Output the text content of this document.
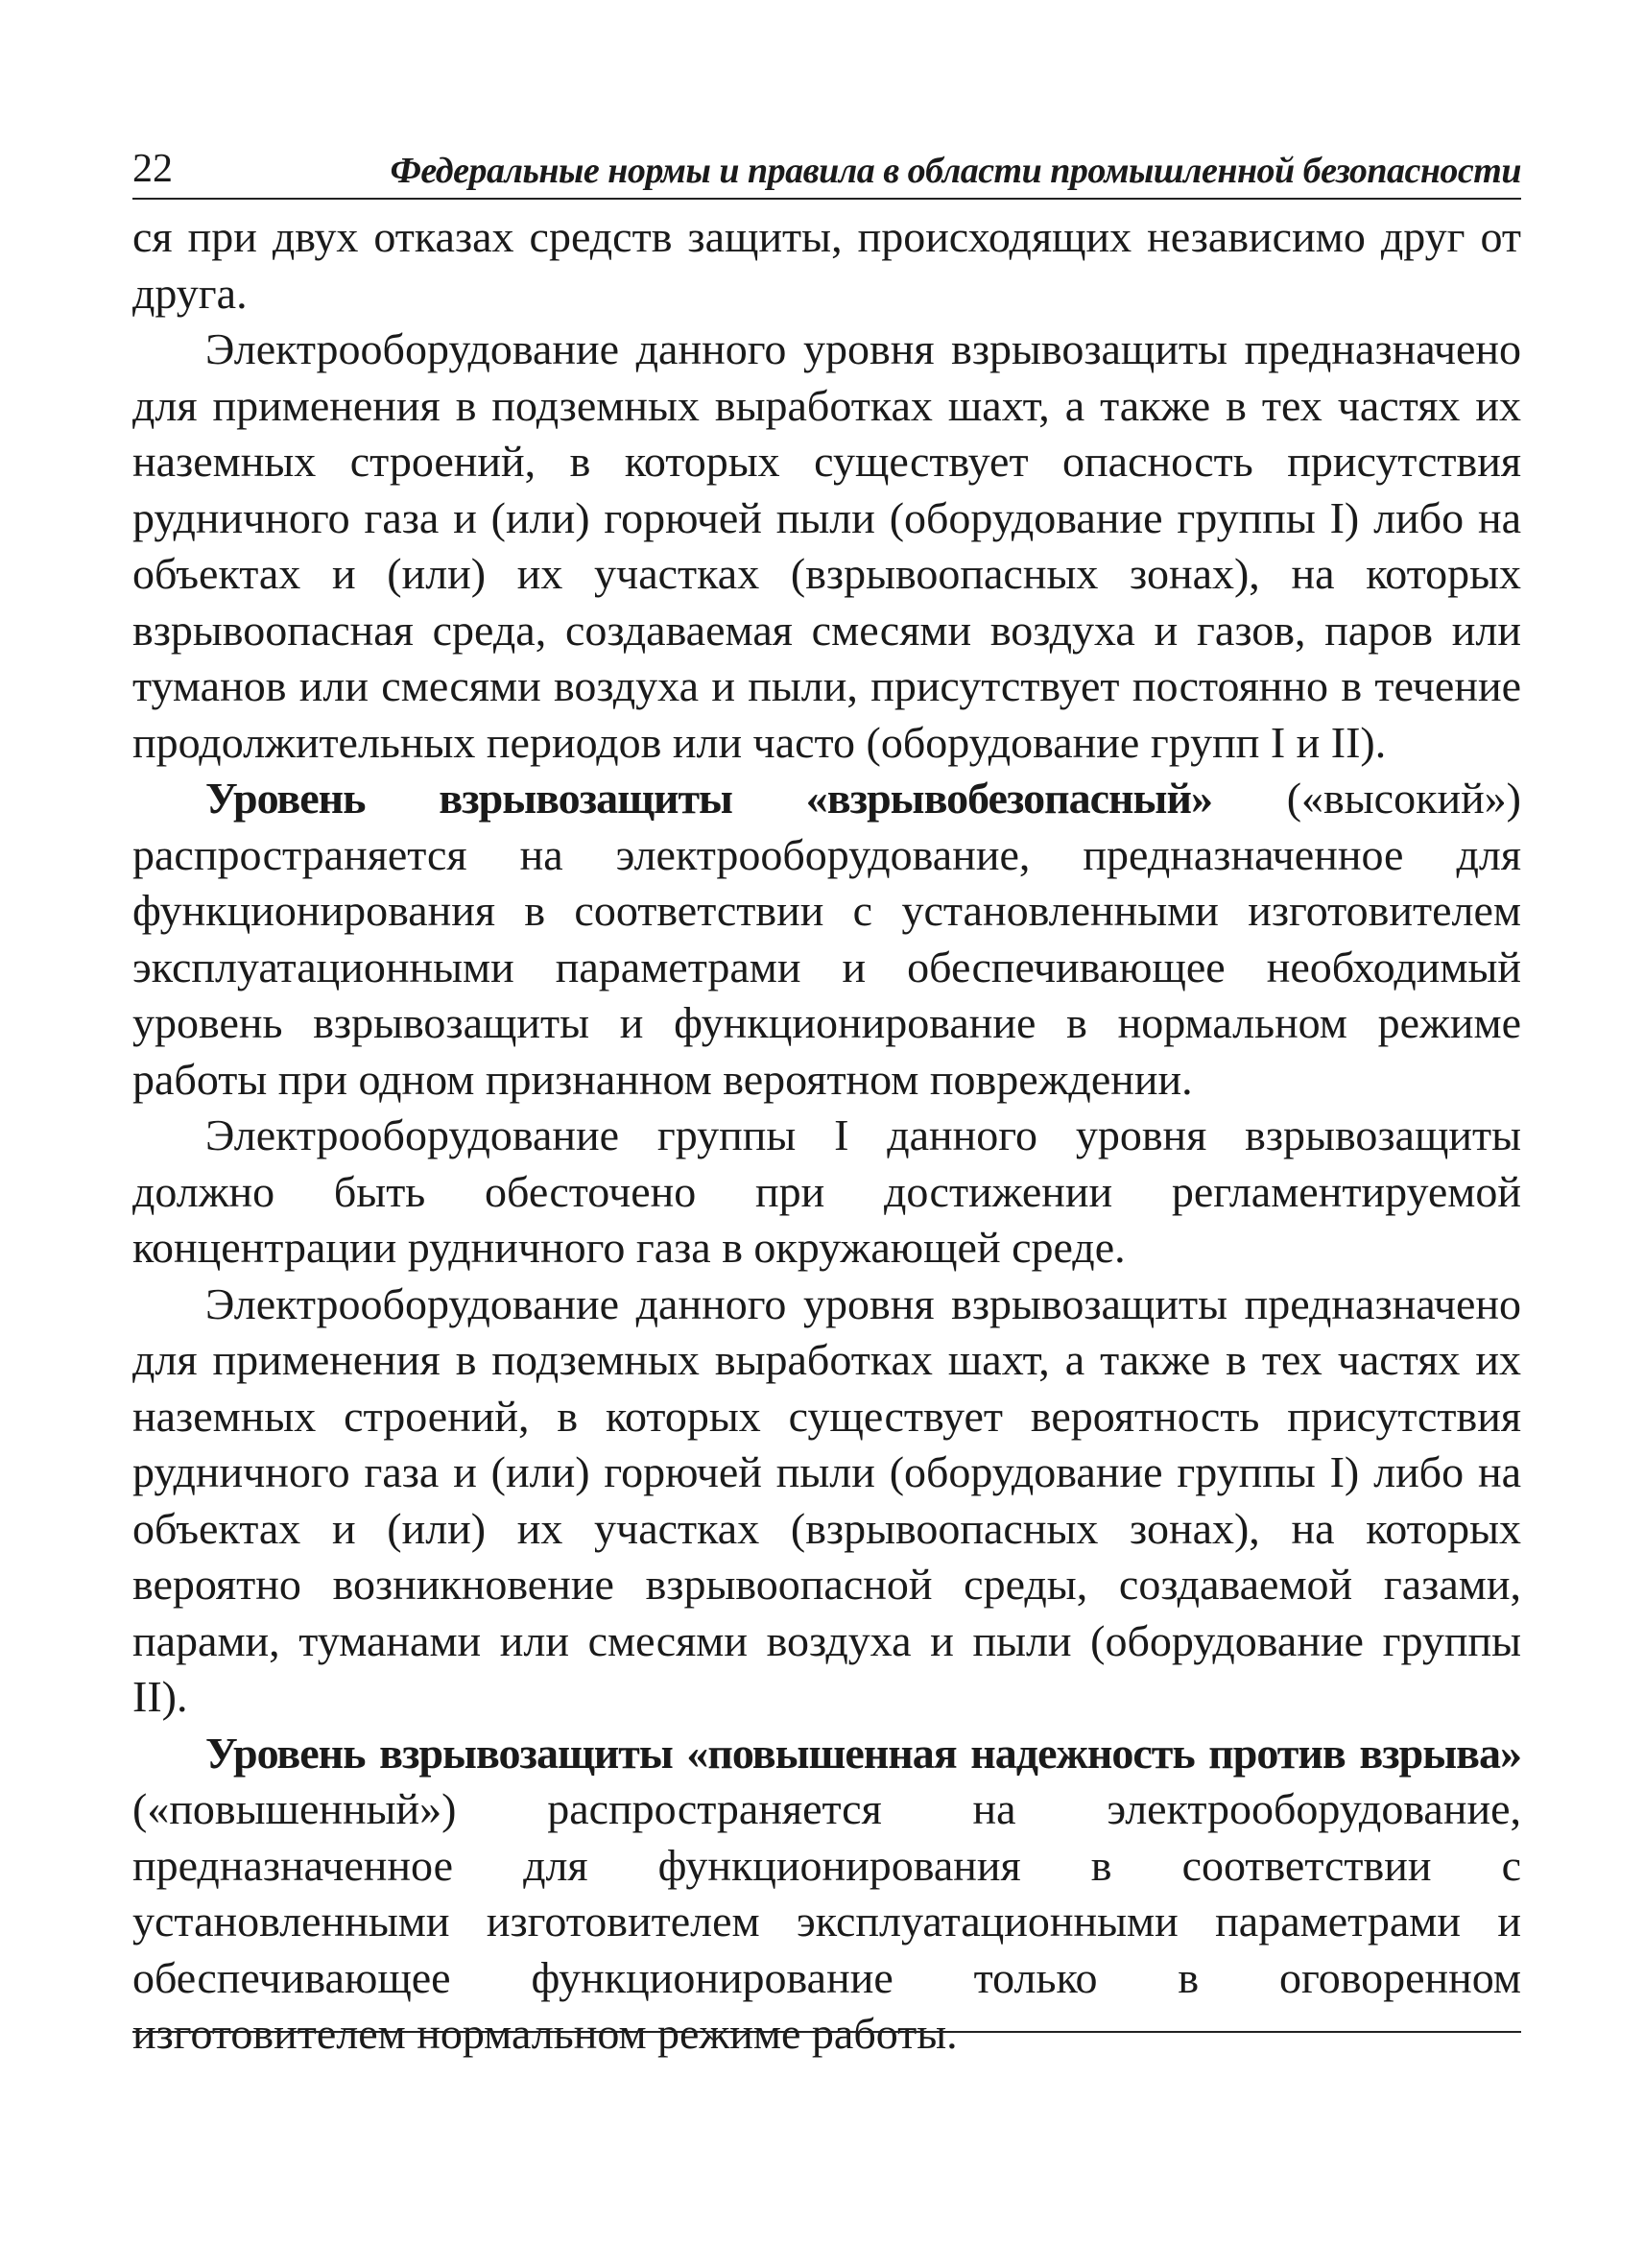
22	Федеральные нормы и правила в области промышленной безопасности

ся при двух отказах средств защиты, происходящих независимо друг от друга.

Электрооборудование данного уровня взрывозащиты предназначено для применения в подземных выработках шахт, а также в тех частях их наземных строений, в которых существует опасность присутствия рудничного газа и (или) горючей пыли (оборудование группы I) либо на объектах и (или) их участках (взрывоопасных зонах), на которых взрывоопасная среда, создаваемая смесями воздуха и газов, паров или туманов или смесями воздуха и пыли, присутствует постоянно в течение продолжительных периодов или часто (оборудование групп I и II).

Уровень взрывозащиты «взрывобезопасный» («высокий») распространяется на электрооборудование, предназначенное для функционирования в соответствии с установленными изготовителем эксплуатационными параметрами и обеспечивающее необходимый уровень взрывозащиты и функционирование в нормальном режиме работы при одном признанном вероятном повреждении.

Электрооборудование группы I данного уровня взрывозащиты должно быть обесточено при достижении регламентируемой концентрации рудничного газа в окружающей среде.

Электрооборудование данного уровня взрывозащиты предназначено для применения в подземных выработках шахт, а также в тех частях их наземных строений, в которых существует вероятность присутствия рудничного газа и (или) горючей пыли (оборудование группы I) либо на объектах и (или) их участках (взрывоопасных зонах), на которых вероятно возникновение взрывоопасной среды, создаваемой газами, парами, туманами или смесями воздуха и пыли (оборудование группы II).

Уровень взрывозащиты «повышенная надежность против взрыва» («повышенный») распространяется на электрооборудование, предназначенное для функционирования в соответствии с установленными изготовителем эксплуатационными параметрами и обеспечивающее функционирование только в оговоренном изготовителем нормальном режиме работы.
